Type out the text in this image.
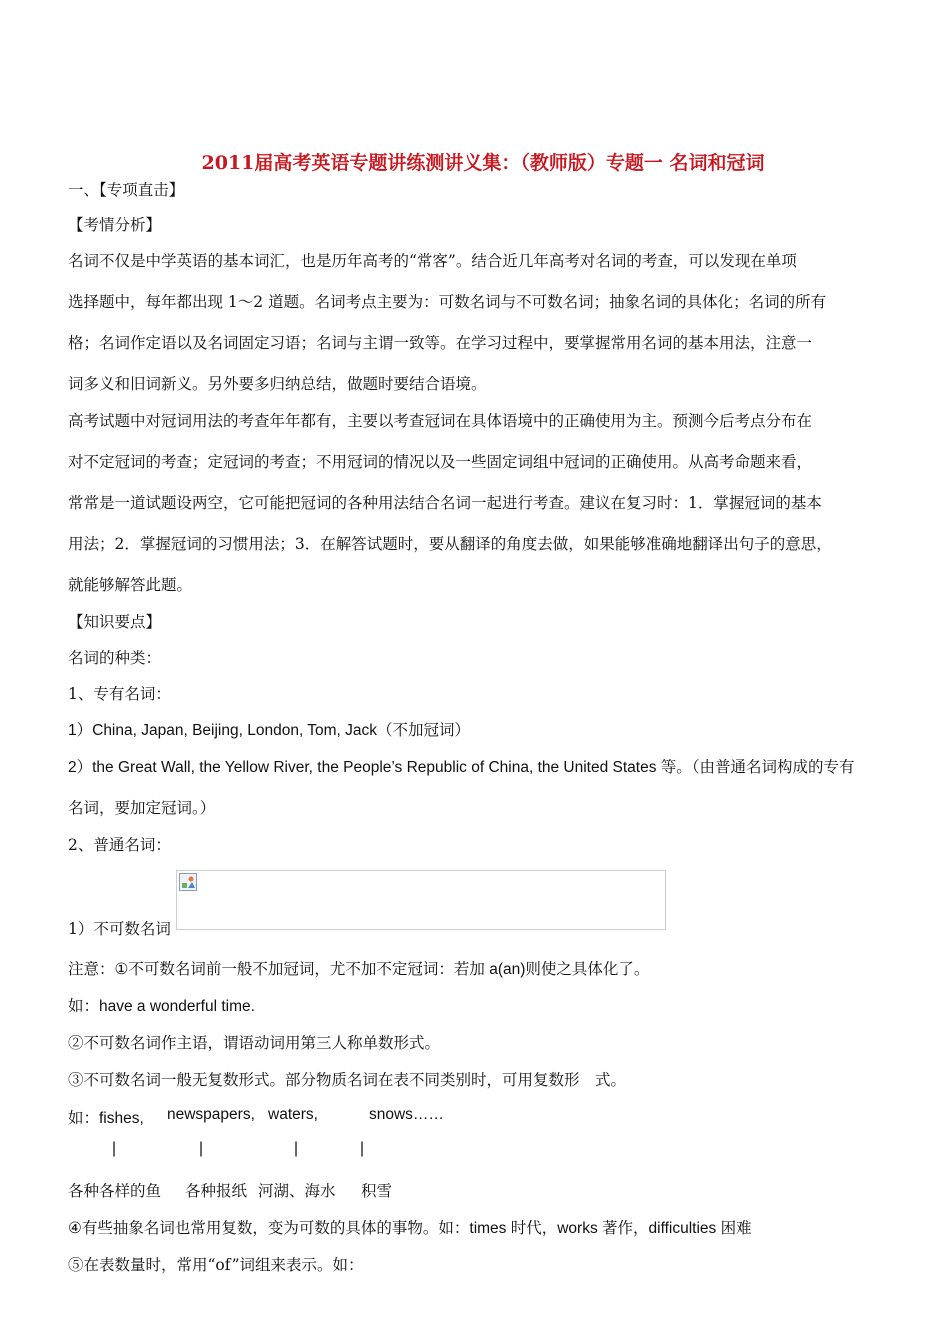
2011届高考英语专题讲练测讲义集：（教师版）专题一 名词和冠词
一、【专项直击】
【考情分析】
名词不仅是中学英语的基本词汇，也是历年高考的“常客”。结合近几年高考对名词的考查，可以发现在单项
选择题中，每年都出现 1～2 道题。名词考点主要为：可数名词与不可数名词；抽象名词的具体化；名词的所有
格；名词作定语以及名词固定习语；名词与主谓一致等。在学习过程中，要掌握常用名词的基本用法，注意一
词多义和旧词新义。另外要多归纳总结，做题时要结合语境。
高考试题中对冠词用法的考查年年都有，主要以考查冠词在具体语境中的正确使用为主。预测今后考点分布在
对不定冠词的考查；定冠词的考查；不用冠词的情况以及一些固定词组中冠词的正确使用。从高考命题来看，
常常是一道试题设两空，它可能把冠词的各种用法结合名词一起进行考查。建议在复习时：1．掌握冠词的基本
用法；2．掌握冠词的习惯用法；3．在解答试题时，要从翻译的角度去做，如果能够准确地翻译出句子的意思，
就能够解答此题。
【知识要点】
名词的种类：
1、专有名词：
1）China, Japan, Beijing, London, Tom, Jack（不加冠词）
2）the Great Wall, the Yellow River, the People’s Republic of China, the United States 等。（由普通名词构成的专有
名词，要加定冠词。）
2、普通名词：
1）不可数名词
注意：①不可数名词前一般不加冠词，尤不加不定冠词：若加 a(an)则使之具体化了。
如：have a wonderful time.
②不可数名词作主语，谓语动词用第三人称单数形式。
③不可数名词一般无复数形式。部分物质名词在表不同类别时，可用复数形　式。
如：fishes, newspapers, waters,	snows……
|	|	|	|
各种各样的鱼 各种报纸 河湖、海水 积雪
④有些抽象名词也常用复数，变为可数的具体的事物。如：times 时代，works 著作，difficulties 困难
⑤在表数量时，常用“of”词组来表示。如：
